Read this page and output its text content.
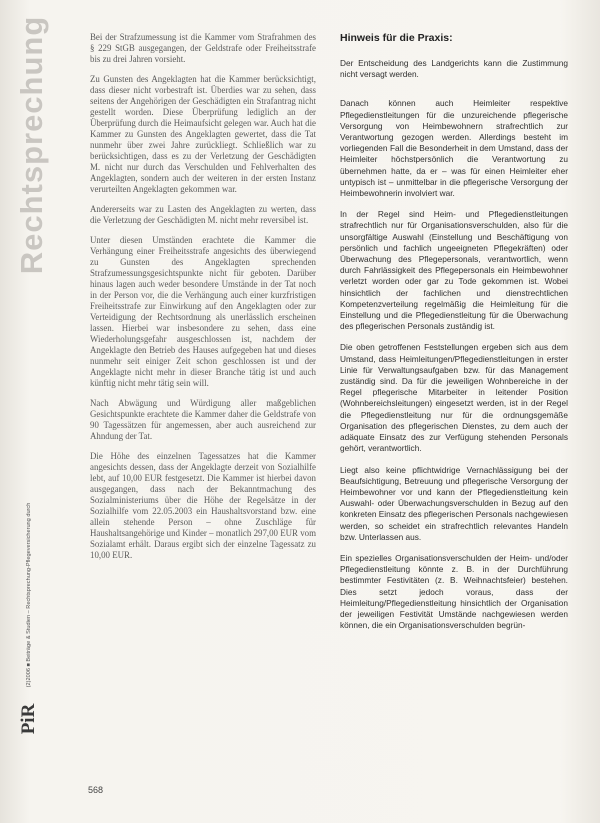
Rechtsprechung
(2)2006 ■ Beiträge & Studien – Rechtsprechung-Pflegeversicherung durch
PiR

Bei der Strafzumessung ist die Kammer vom Strafrahmen des § 229 StGB ausgegangen, der Geldstrafe oder Freiheitsstrafe bis zu drei Jahren vorsieht.

Zu Gunsten des Angeklagten hat die Kammer berücksichtigt, dass dieser nicht vorbestraft ist. Überdies war zu sehen, dass seitens der Angehörigen der Geschädigten ein Strafantrag nicht gestellt worden. Diese Überprüfung lediglich an der Überprüfung durch die Heimaufsicht gelegen war. Auch hat die Kammer zu Gunsten des Angeklagten gewertet, dass die Tat nunmehr über zwei Jahre zurückliegt. Schließlich war zu berücksichtigen, dass es zu der Verletzung der Geschädigten M. nicht nur durch das Verschulden und Fehlverhalten des Angeklagten, sondern auch der weiteren in der ersten Instanz verurteilten Angeklagten gekommen war.

Andererseits war zu Lasten des Angeklagten zu werten, dass die Verletzung der Geschädigten M. nicht mehr reversibel ist.

Unter diesen Umständen erachtete die Kammer die Verhängung einer Freiheitsstrafe angesichts des überwiegend zu Gunsten des Angeklagten sprechenden Strafzumessungsgesichtspunkte nicht für geboten. Darüber hinaus lagen auch weder besondere Umstände in der Tat noch in der Person vor, die die Verhängung auch einer kurzfristigen Freiheitsstrafe zur Einwirkung auf den Angeklagten oder zur Verteidigung der Rechtsordnung als unerlässlich erscheinen lassen. Hierbei war insbesondere zu sehen, dass eine Wiederholungsgefahr ausgeschlossen ist, nachdem der Angeklagte den Betrieb des Hauses aufgegeben hat und dieses nunmehr seit einiger Zeit schon geschlossen ist und der Angeklagte nicht mehr in dieser Branche tätig ist und auch künftig nicht mehr tätig sein will.

Nach Abwägung und Würdigung aller maßgeblichen Gesichtspunkte erachtete die Kammer daher die Geldstrafe von 90 Tagessätzen für angemessen, aber auch ausreichend zur Ahndung der Tat.

Die Höhe des einzelnen Tagessatzes hat die Kammer angesichts dessen, dass der Angeklagte derzeit von Sozialhilfe lebt, auf 10,00 EUR festgesetzt. Die Kammer ist hierbei davon ausgegangen, dass nach der Bekanntmachung des Sozialministeriums über die Höhe der Regelsätze in der Sozialhilfe vom 22.05.2003 ein Haushaltsvorstand bzw. eine allein stehende Person – ohne Zuschläge für Haushaltsangehörige und Kinder – monatlich 297,00 EUR vom Sozialamt erhält. Daraus ergibt sich der einzelne Tagessatz zu 10,00 EUR.

Hinweis für die Praxis:

Der Entscheidung des Landgerichts kann die Zustimmung nicht versagt werden.

Danach können auch Heimleiter respektive Pflegedienstleitungen für die unzureichende pflegerische Versorgung von Heimbewohnern strafrechtlich zur Verantwortung gezogen werden. Allerdings besteht im vorliegenden Fall die Besonderheit in dem Umstand, dass der Heimleiter höchstpersönlich die Verantwortung zu übernehmen hatte, da er – was für einen Heimleiter eher untypisch ist – unmittelbar in die pflegerische Versorgung der Heimbewohnerin involviert war.

In der Regel sind Heim- und Pflegedienstleitungen strafrechtlich nur für Organisationsverschulden, also für die unsorgfältige Auswahl (Einstellung und Beschäftigung von persönlich und fachlich ungeeigneten Pflegekräften) oder Überwachung des Pflegepersonals, verantwortlich, wenn durch Fahrlässigkeit des Pflegepersonals ein Heimbewohner verletzt worden oder gar zu Tode gekommen ist. Wobei hinsichtlich der fachlichen und dienstrechtlichen Kompetenzverteilung regelmäßig die Heimleitung für die Einstellung und die Pflegedienstleitung für die Überwachung des pflegerischen Personals zuständig ist.

Die oben getroffenen Feststellungen ergeben sich aus dem Umstand, dass Heimleitungen/Pflegedienstleitungen in erster Linie für Verwaltungsaufgaben bzw. für das Management zuständig sind. Da für die jeweiligen Wohnbereiche in der Regel pflegerische Mitarbeiter in leitender Position (Wohnbereichsleitungen) eingesetzt werden, ist in der Regel die Pflegedienstleitung nur für die ordnungsgemäße Organisation des pflegerischen Dienstes, zu dem auch der adäquate Einsatz des zur Verfügung stehenden Personals gehört, verantwortlich.

Liegt also keine pflichtwidrige Vernachlässigung bei der Beaufsichtigung, Betreuung und pflegerische Versorgung der Heimbewohner vor und kann der Pflegedienstleitung kein Auswahl- oder Überwachungsverschulden in Bezug auf den konkreten Einsatz des pflegerischen Personals nachgewiesen werden, so scheidet ein strafrechtlich relevantes Handeln bzw. Unterlassen aus.

Ein spezielles Organisationsverschulden der Heim- und/oder Pflegedienstleitung könnte z. B. in der Durchführung bestimmter Festivitäten (z. B. Weihnachtsfeier) bestehen. Dies setzt jedoch voraus, dass der Heimleitung/Pflegedienstleitung hinsichtlich der Organisation der jeweiligen Festivität Umstände nachgewiesen werden können, die ein Organisationsverschulden begrün-

568
